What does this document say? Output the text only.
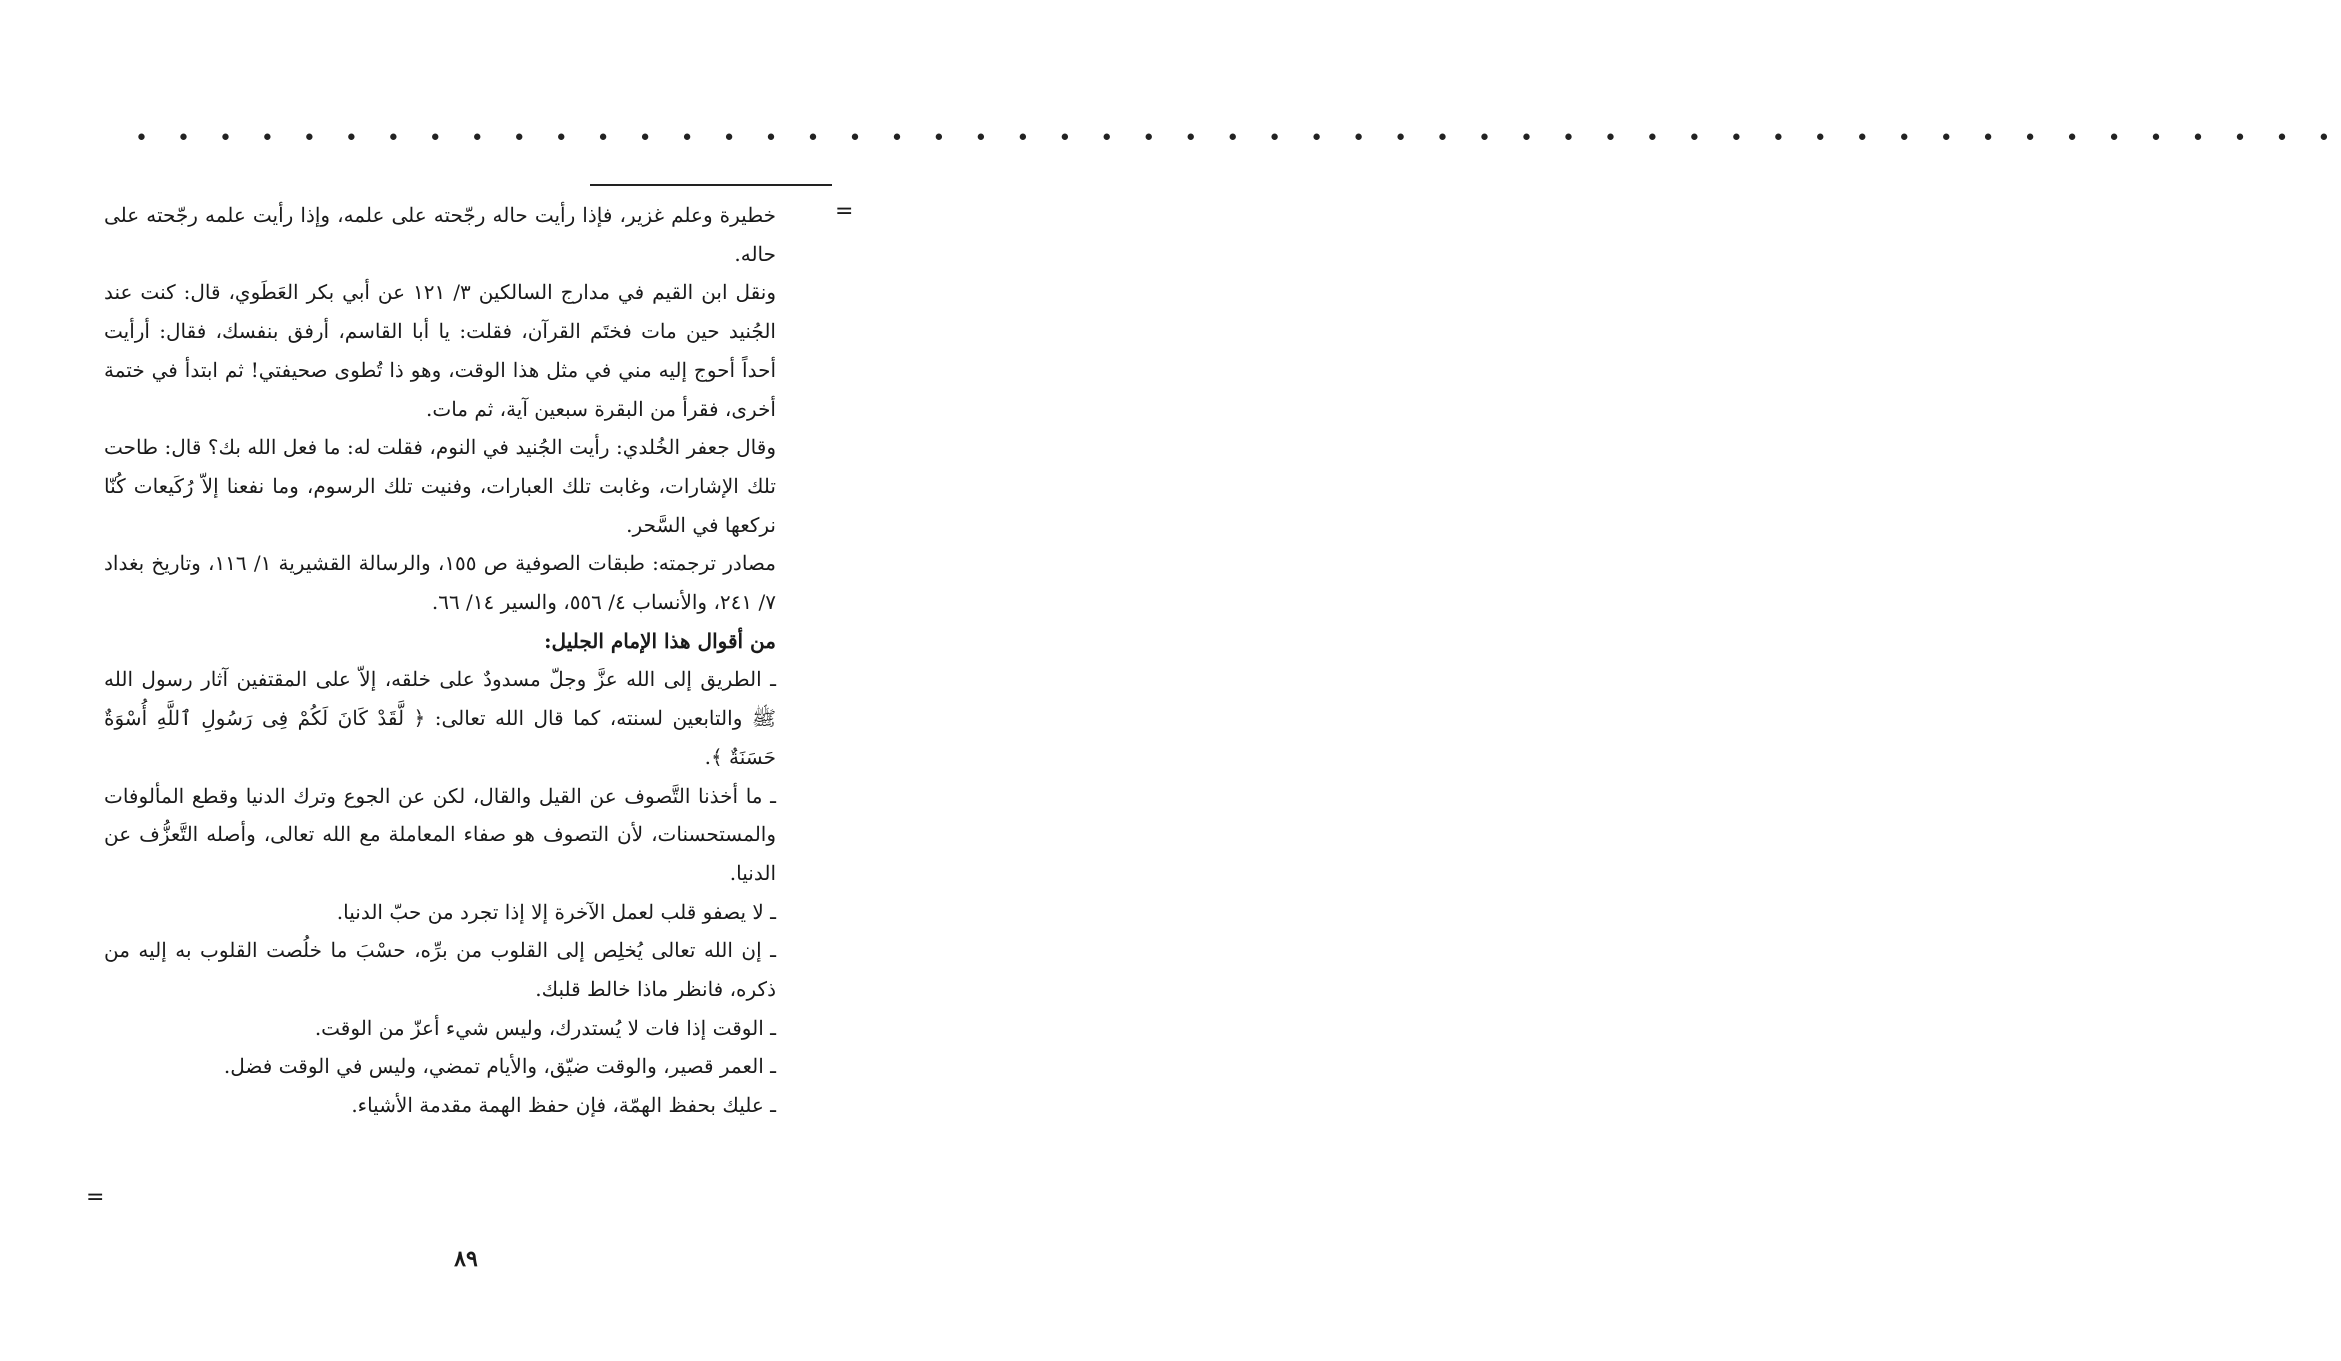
• • • • • • • • • • • • • • • • • • • • • • • • • • • • • • • • • • • • • • • • • • • • • • • • • • • • •
=

خطيرة وعلم غزير، فإذا رأيت حاله رجّحته على علمه، وإذا رأيت علمه رجّحته على حاله.

ونقل ابن القيم في مدارج السالكين ٣/ ١٢١ عن أبي بكر العَطَوي، قال: كنت عند الجُنيد حين مات فختَم القرآن، فقلت: يا أبا القاسم، أرفق بنفسك، فقال: أرأيت أحداً أحوج إليه مني في مثل هذا الوقت، وهو ذا تُطوى صحيفتي! ثم ابتدأ في ختمة أخرى، فقرأ من البقرة سبعين آية، ثم مات.

وقال جعفر الخُلدي: رأيت الجُنيد في النوم، فقلت له: ما فعل الله بك؟ قال: طاحت تلك الإشارات، وغابت تلك العبارات، وفنيت تلك الرسوم، وما نفعنا إلاّ رُكَيعات كُنّا نركعها في السَّحر.

مصادر ترجمته: طبقات الصوفية ص ١٥٥، والرسالة القشيرية ١/ ١١٦، وتاريخ بغداد ٧/ ٢٤١، والأنساب ٤/ ٥٥٦، والسير ١٤/ ٦٦.

من أقوال هذا الإمام الجليل:

ـ الطريق إلى الله عزَّ وجلّ مسدودٌ على خلقه، إلاّ على المقتفين آثار رسول الله ﷺ والتابعين لسنته، كما قال الله تعالى: ﴿ لَّقَدْ كَانَ لَكُمْ فِى رَسُولِ ٱللَّهِ أُسْوَةٌ حَسَنَةٌ ﴾.

ـ ما أخذنا التَّصوف عن القيل والقال، لكن عن الجوع وترك الدنيا وقطع المألوفات والمستحسنات، لأن التصوف هو صفاء المعاملة مع الله تعالى، وأصله التَّعزُّف عن الدنيا.

ـ لا يصفو قلب لعمل الآخرة إلا إذا تجرد من حبّ الدنيا.

ـ إن الله تعالى يُخلِص إلى القلوب من برِّه، حسْبَ ما خلُصت القلوب به إليه من ذكره، فانظر ماذا خالط قلبك.

ـ الوقت إذا فات لا يُستدرك، وليس شيء أعزّ من الوقت.

ـ العمر قصير، والوقت ضيّق، والأيام تمضي، وليس في الوقت فضل.

ـ عليك بحفظ الهمّة، فإن حفظ الهمة مقدمة الأشياء.

=
٨٩
